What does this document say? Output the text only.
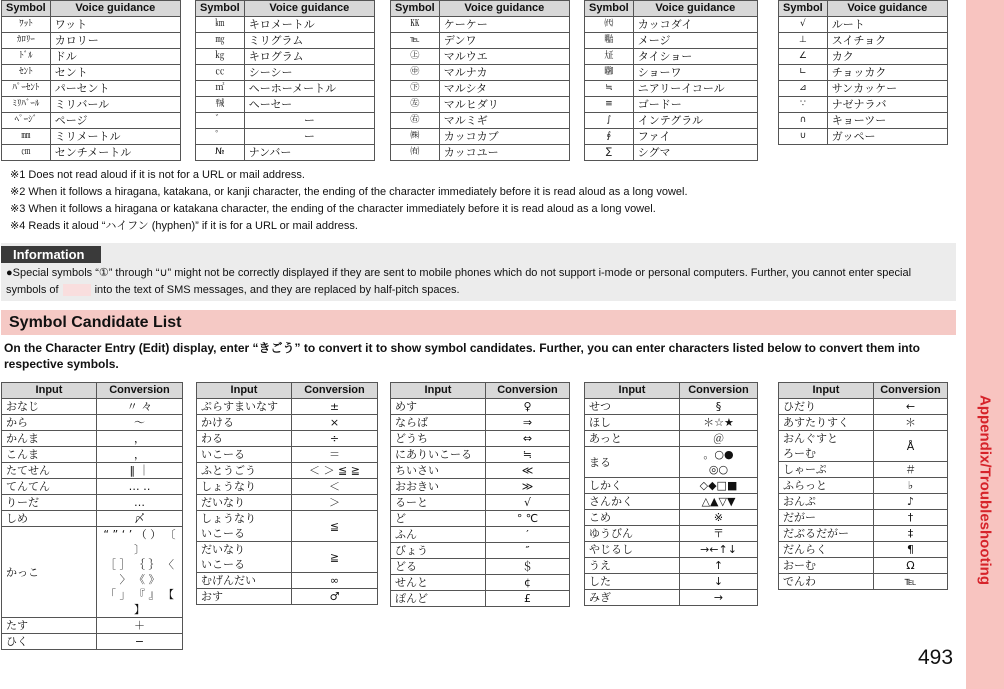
Symbol	Voice guidance
ﾜｯﾄ	ワット
ｶﾛﾘｰ	カロリー
ﾄﾞﾙ	ドル
ｾﾝﾄ	セント
ﾊﾟｰｾﾝﾄ	パーセント
ﾐﾘﾊﾞｰﾙ	ミリバール
ﾍﾟｰｼﾞ	ページ
㎜	ミリメートル
㎝	センチメートル
Symbol	Voice guidance
㎞	キロメートル
㎎	ミリグラム
㎏	キログラム
㏄	シーシー
㎡	ヘーホーメートル
㍻	ヘーセー
゛	ー
゜	ー
№	ナンバー
Symbol	Voice guidance
㏍	ケーケー
℡	デンワ
㊤	マルウエ
㊥	マルナカ
㊦	マルシタ
㊧	マルヒダリ
㊨	マルミギ
㈱	カッコカブ
㈲	カッコユー
Symbol	Voice guidance
㈹	カッコダイ
㍾	メージ
㍽	タイショー
㍼	ショーワ
≒	ニアリーイコール
≡	ゴードー
∫	インテグラル
∮	ファイ
∑	シグマ
Symbol	Voice guidance
√	ルート
⊥	スイチョク
∠	カク
∟	チョッカク
⊿	サンカッケー
∵	ナゼナラバ
∩	キョーツー
∪	ガッペー
※1 Does not read aloud if it is not for a URL or mail address.
※2 When it follows a hiragana, katakana, or kanji character, the ending of the character immediately before it is read aloud as a long vowel.
※3 When it follows a hiragana or katakana character, the ending of the character immediately before it is read aloud as a long vowel.
※4 Reads it aloud “ハイフン (hyphen)” if it is for a URL or mail address.
Information
●Special symbols “①” through “∪” might not be correctly displayed if they are sent to mobile phones which do not support i-mode or personal computers. Further, you cannot enter special symbols of	into the text of SMS messages, and they are replaced by half-pitch spaces.
Symbol Candidate List
On the Character Entry (Edit) display, enter “きごう” to convert it to show symbol candidates. Further, you can enter characters listed below to convert them into respective symbols.
Input	Conversion
おなじ	〃 々
から	〜
かんま	，
こんま	，
たてせん	‖ ｜
てんてん	… ‥
りーだ	…
しめ	〆
かっこ	“ ” ‘ ’ （ ） 〔 〕
［ ］ ｛ ｝ 〈 〉 《 》
「 」 『 』 【 】
たす	＋
ひく	−
Input	Conversion
ぷらすまいなす	±
かける	×
わる	÷
いこーる	＝
ふとうごう	＜ ＞ ≦ ≧
しょうなり	＜
だいなり	＞
しょうなり
いこーる	≦
だいなり
いこーる	≧
むげんだい	∞
おす	♂
Input	Conversion
めす	♀
ならば	⇒
どうち	⇔
にありいこーる	≒
ちいさい	≪
おおきい	≫
るーと	√
ど	° ℃
ふん	′
びょう	″
どる	＄
せんと	¢
ぽんど	£
Input	Conversion
せつ	§
ほし	＊☆★
あっと	＠
まる	。○●
◎○
しかく	◇◆□■
さんかく	△▲▽▼
こめ	※
ゆうびん	〒
やじるし	→←↑↓
うえ	↑
した	↓
みぎ	→
Input	Conversion
ひだり	←
あすたりすく	＊
おんぐすと
ろーむ	Å
しゃーぷ	＃
ふらっと	♭
おんぷ	♪
だがー	†
だぶるだがー	‡
だんらく	¶
おーむ	Ω
でんわ	℡	Appendix/Troubleshooting
493
